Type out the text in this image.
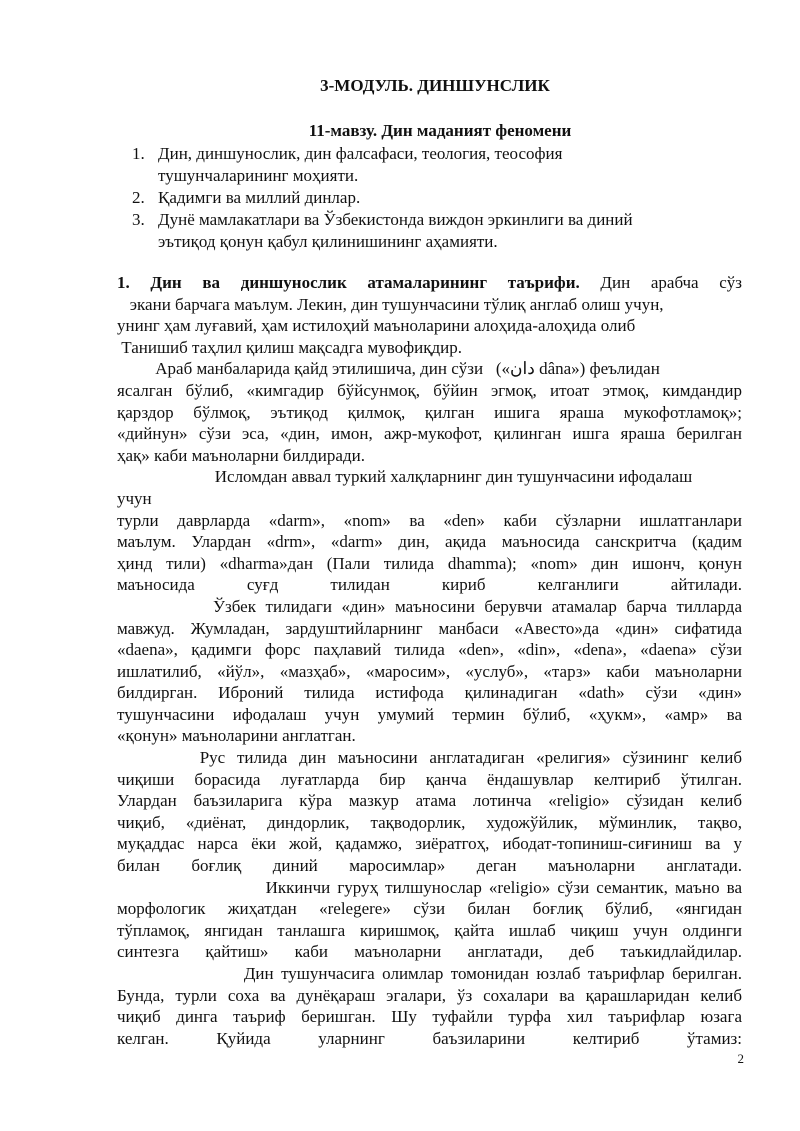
3-МОДУЛЬ. ДИНШУНСЛИК
11-мавзу. Дин маданият феномени
1. Дин, диншунослик, дин фалсафаси, теология, теософия
тушунчаларининг моҳияти.
2. Қадимги ва миллий динлар.
3. Дунё мамлакатлари ва Ўзбекистонда виждон эркинлиги ва диний
эътиқод қонун қабул қилинишининг аҳамияти.
1. Дин ва диншунослик атамаларининг таърифи. Дин арабча сўз
экани барчага маълум. Лекин, дин тушунчасини тўлиқ англаб олиш учун,
унинг ҳам луғавий, ҳам истилоҳий маъноларини алоҳида-алоҳида олиб
Танишиб таҳлил қилиш мақсадга мувофиқдир.
Араб манбаларида қайд этилишича, дин сўзи   («دان dâna») феълидан
ясалган бўлиб, «кимгадир бўйсунмоқ, бўйин эгмоқ, итоат этмоқ, кимдандир
қарздор бўлмоқ, эътиқод қилмоқ, қилган ишига яраша мукофотламоқ»;
«дийнун» сўзи эса, «дин, имон, ажр-мукофот, қилинган ишга яраша берилган
ҳақ» каби маъноларни билдиради.
Исломдан аввал туркий халқларнинг дин тушунчасини ифодалаш
учун
турли даврларда «darm», «nom» ва «den» каби сўзларни ишлатганлари
маълум. Улардан «drm», «darm» дин, ақида маъносида санскритча (қадим
ҳинд тили) «dharma»дан (Пали тилида dhamma); «nom» дин ишонч, қонун
маъносида суғд тилидан кириб келганлиги айтилади.
Ўзбек тилидаги «дин» маъносини берувчи атамалар барча тилларда
мавжуд. Жумладан, зардуштийларнинг манбаси «Авесто»да «дин» сифатида
«daena», қадимги форс паҳлавий тилида «den», «din», «dena», «daena» сўзи
ишлатилиб, «йўл», «мазҳаб», «маросим», «услуб», «тарз» каби маъноларни
билдирган. Иброний тилида истифода қилинадиган «dath» сўзи «дин»
тушунчасини ифодалаш учун умумий термин бўлиб, «ҳукм», «амр» ва
«қонун» маъноларини англатган.
Рус тилида дин маъносини англатадиган «религия» сўзининг келиб
чиқиши борасида луғатларда бир қанча ёндашувлар келтириб ўтилган.
Улардан баъзиларига кўра мазкур атама лотинча «religio» сўзидан келиб
чиқиб, «диёнат, диндорлик, тақводорлик, художўйлик, мўминлик, тақво,
муқаддас нарса ёки жой, қадамжо, зиёратгоҳ, ибодат-топиниш-сиғиниш ва у
билан боғлиқ диний маросимлар» деган маъноларни англатади.
Иккинчи гуруҳ тилшунослар «religio» сўзи семантик, маъно ва
морфологик жиҳатдан «relegere» сўзи билан боғлиқ бўлиб, «янгидан
тўпламоқ, янгидан танлашга киришмоқ, қайта ишлаб чиқиш учун олдинги
синтезга қайтиш» каби маъноларни англатади, деб таъкидлайдилар.
Дин тушунчасига олимлар томонидан юзлаб таърифлар берилган.
Бунда, турли соха ва дунёқараш эгалари, ўз сохалари ва қарашларидан келиб
чиқиб динга таъриф беришган. Шу туфайли турфа хил таърифлар юзага
келган. Қуйида уларнинг баъзиларини келтириб ўтамиз:
2
